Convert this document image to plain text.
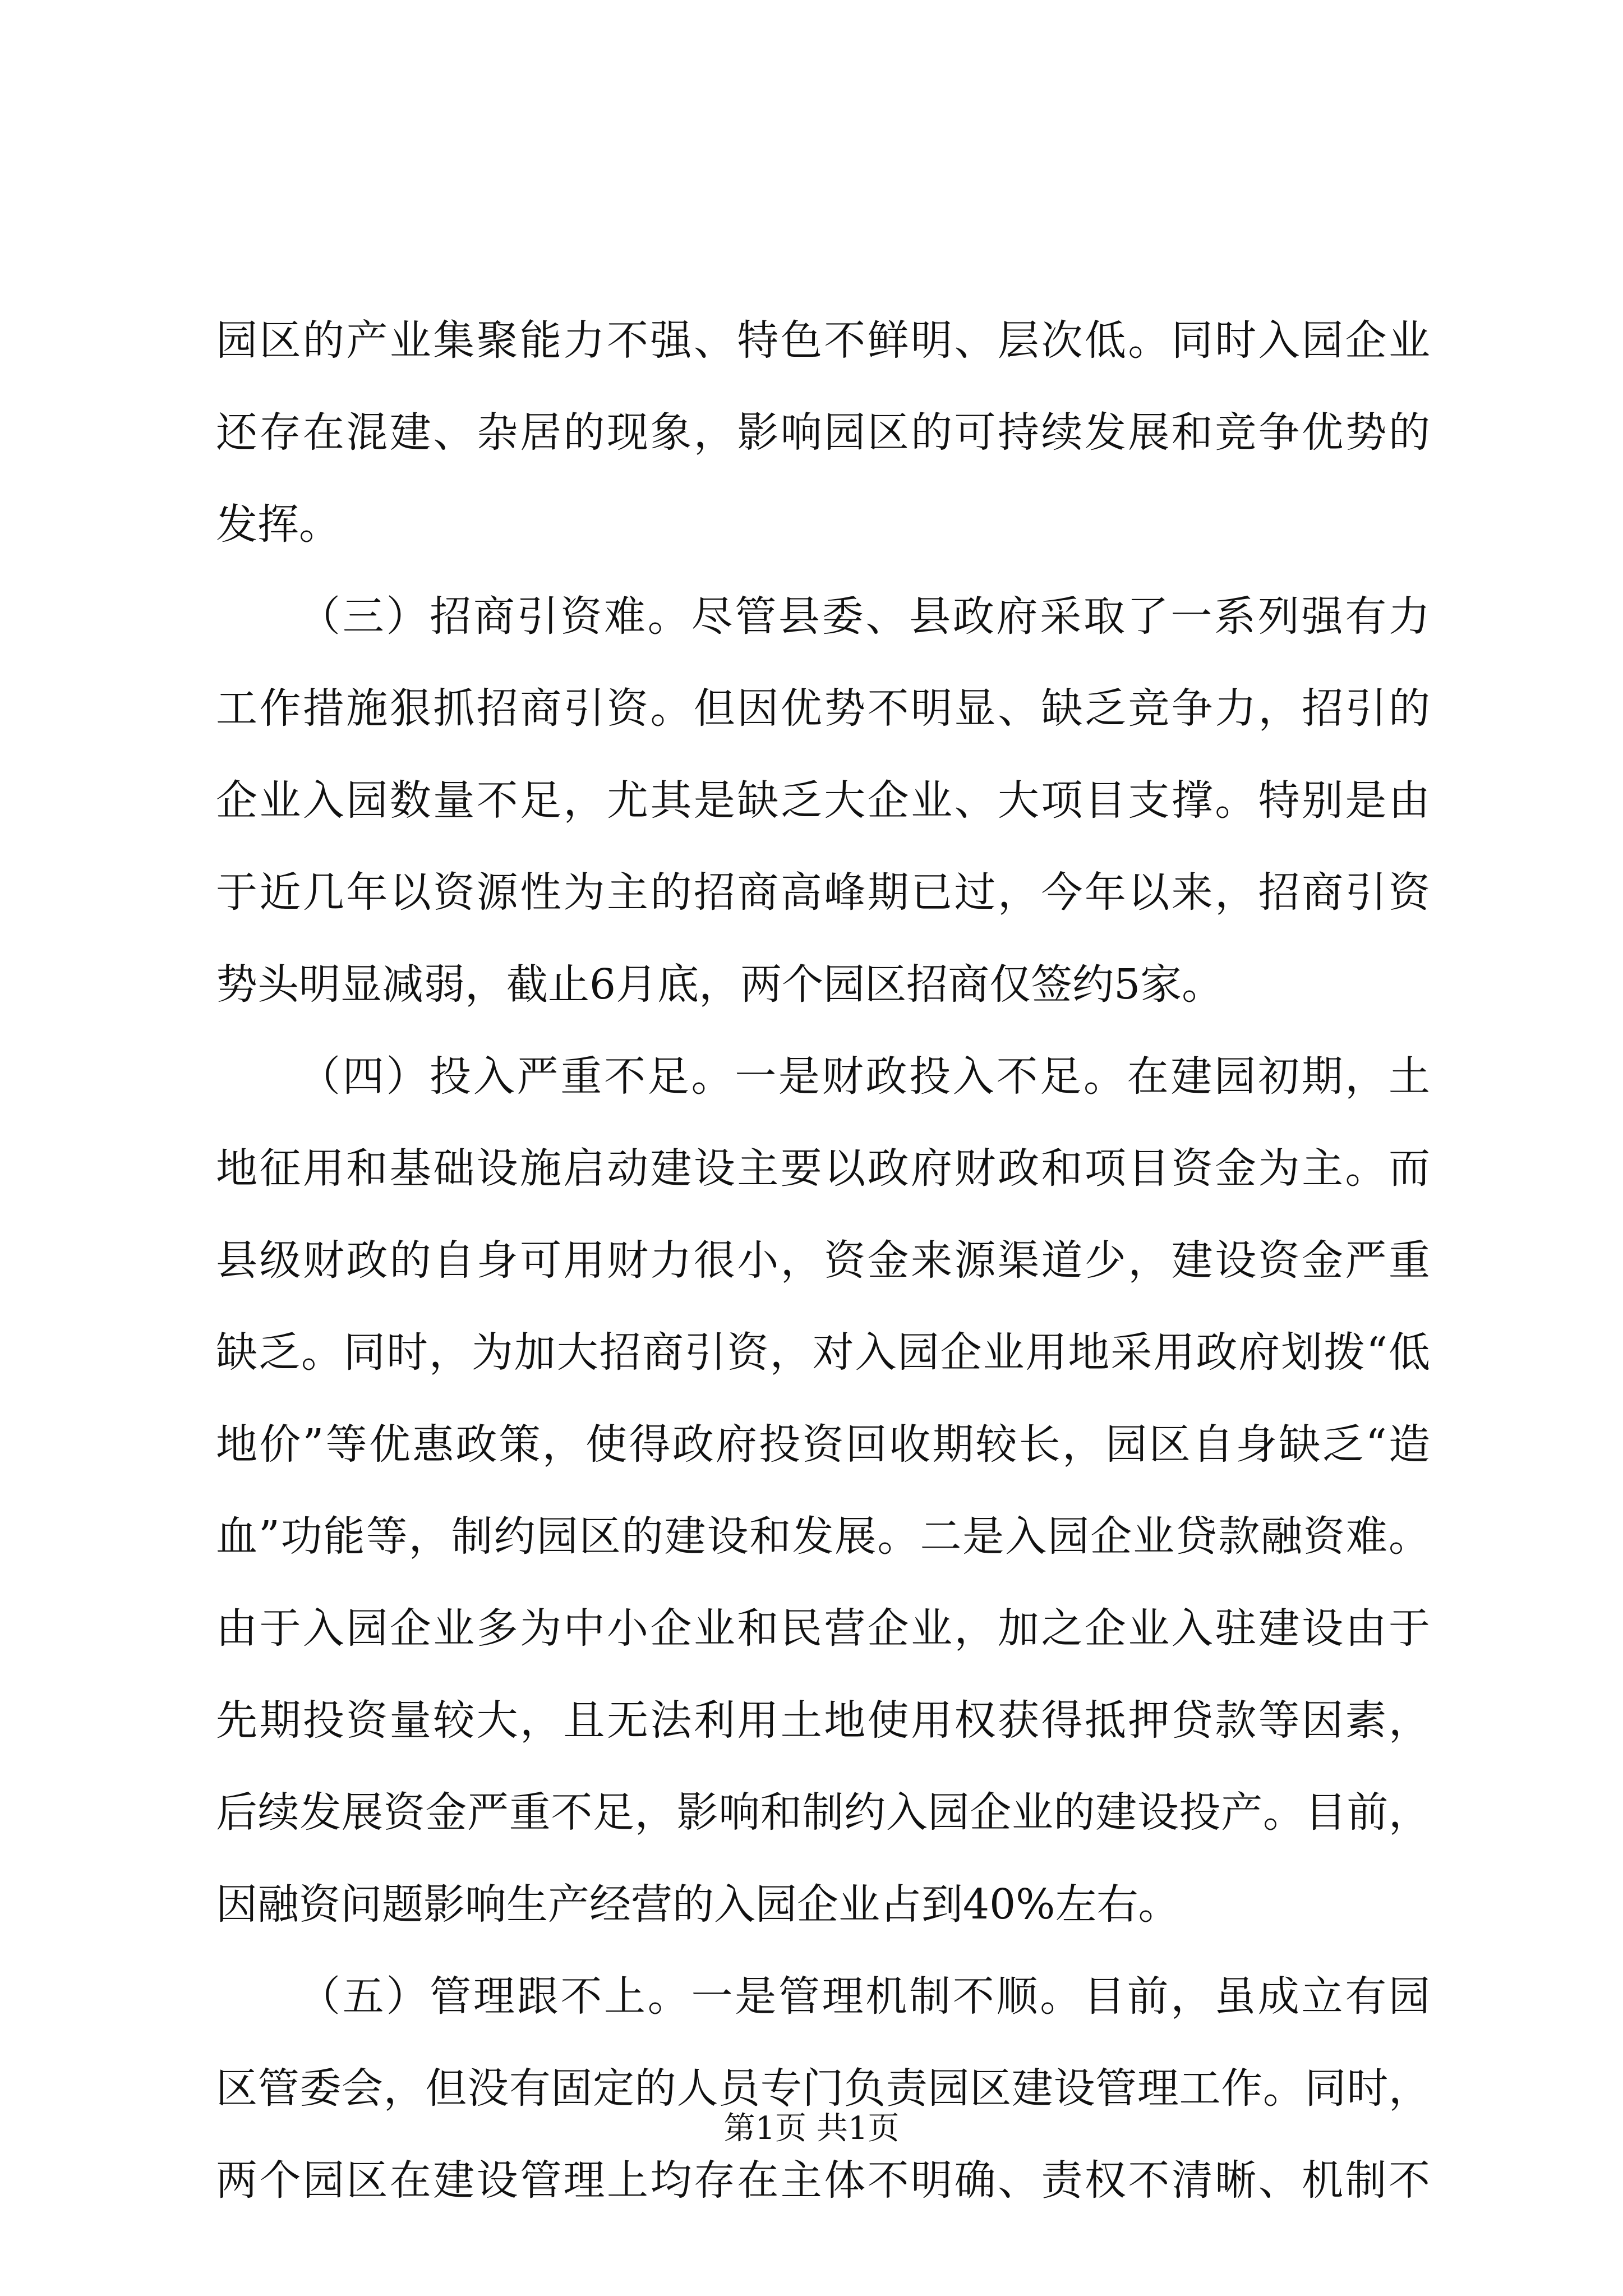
园区的产业集聚能力不强、特色不鲜明、层次低。同时入园企业
还存在混建、杂居的现象，影响园区的可持续发展和竞争优势的
发挥。
（三）招商引资难。尽管县委、县政府采取了一系列强有力
工作措施狠抓招商引资。但因优势不明显、缺乏竞争力，招引的
企业入园数量不足，尤其是缺乏大企业、大项目支撑。特别是由
于近几年以资源性为主的招商高峰期已过，今年以来，招商引资
势头明显减弱，截止6月底，两个园区招商仅签约5家。
（四）投入严重不足。一是财政投入不足。在建园初期，土
地征用和基础设施启动建设主要以政府财政和项目资金为主。而
县级财政的自身可用财力很小，资金来源渠道少，建设资金严重
缺乏。同时，为加大招商引资，对入园企业用地采用政府划拨“低
地价”等优惠政策，使得政府投资回收期较长，园区自身缺乏“造
血”功能等，制约园区的建设和发展。二是入园企业贷款融资难。
由于入园企业多为中小企业和民营企业，加之企业入驻建设由于
先期投资量较大，且无法利用土地使用权获得抵押贷款等因素，
后续发展资金严重不足，影响和制约入园企业的建设投产。目前，
因融资问题影响生产经营的入园企业占到40%左右。
（五）管理跟不上。一是管理机制不顺。目前，虽成立有园
区管委会，但没有固定的人员专门负责园区建设管理工作。同时，
两个园区在建设管理上均存在主体不明确、责权不清晰、机制不
第1页 共1页
